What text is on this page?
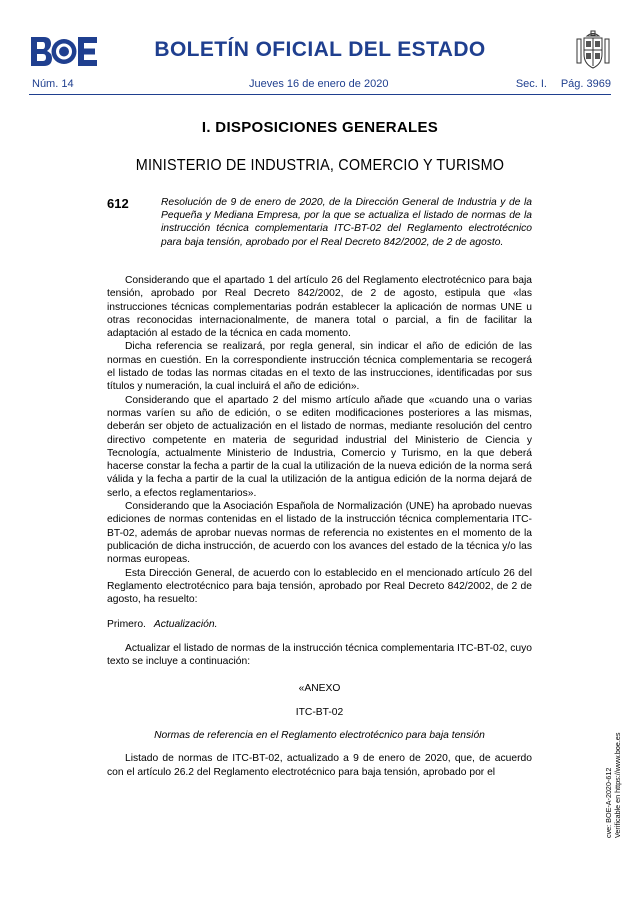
BOLETÍN OFICIAL DEL ESTADO
Núm. 14	Jueves 16 de enero de 2020	Sec. I. Pág. 3969
I. DISPOSICIONES GENERALES
MINISTERIO DE INDUSTRIA, COMERCIO Y TURISMO
612	Resolución de 9 de enero de 2020, de la Dirección General de Industria y de la Pequeña y Mediana Empresa, por la que se actualiza el listado de normas de la instrucción técnica complementaria ITC-BT-02 del Reglamento electrotécnico para baja tensión, aprobado por el Real Decreto 842/2002, de 2 de agosto.

Considerando que el apartado 1 del artículo 26 del Reglamento electrotécnico para baja tensión, aprobado por Real Decreto 842/2002, de 2 de agosto, estipula que «las instrucciones técnicas complementarias podrán establecer la aplicación de normas UNE u otras reconocidas internacionalmente, de manera total o parcial, a fin de facilitar la adaptación al estado de la técnica en cada momento.

Dicha referencia se realizará, por regla general, sin indicar el año de edición de las normas en cuestión. En la correspondiente instrucción técnica complementaria se recogerá el listado de todas las normas citadas en el texto de las instrucciones, identificadas por sus títulos y numeración, la cual incluirá el año de edición».

Considerando que el apartado 2 del mismo artículo añade que «cuando una o varias normas varíen su año de edición, o se editen modificaciones posteriores a las mismas, deberán ser objeto de actualización en el listado de normas, mediante resolución del centro directivo competente en materia de seguridad industrial del Ministerio de Ciencia y Tecnología, actualmente Ministerio de Industria, Comercio y Turismo, en la que deberá hacerse constar la fecha a partir de la cual la utilización de la nueva edición de la norma será válida y la fecha a partir de la cual la utilización de la antigua edición de la norma dejará de serlo, a efectos reglamentarios».

Considerando que la Asociación Española de Normalización (UNE) ha aprobado nuevas ediciones de normas contenidas en el listado de la instrucción técnica complementaria ITC-BT-02, además de aprobar nuevas normas de referencia no existentes en el momento de la publicación de dicha instrucción, de acuerdo con los avances del estado de la técnica y/o las normas europeas.

Esta Dirección General, de acuerdo con lo establecido en el mencionado artículo 26 del Reglamento electrotécnico para baja tensión, aprobado por Real Decreto 842/2002, de 2 de agosto, ha resuelto:

Primero. Actualización.

Actualizar el listado de normas de la instrucción técnica complementaria ITC-BT-02, cuyo texto se incluye a continuación:

«ANEXO

ITC-BT-02

Normas de referencia en el Reglamento electrotécnico para baja tensión

Listado de normas de ITC-BT-02, actualizado a 9 de enero de 2020, que, de acuerdo con el artículo 26.2 del Reglamento electrotécnico para baja tensión, aprobado por el	cve: BOE-A-2020-612 Verificable en https://www.boe.es
